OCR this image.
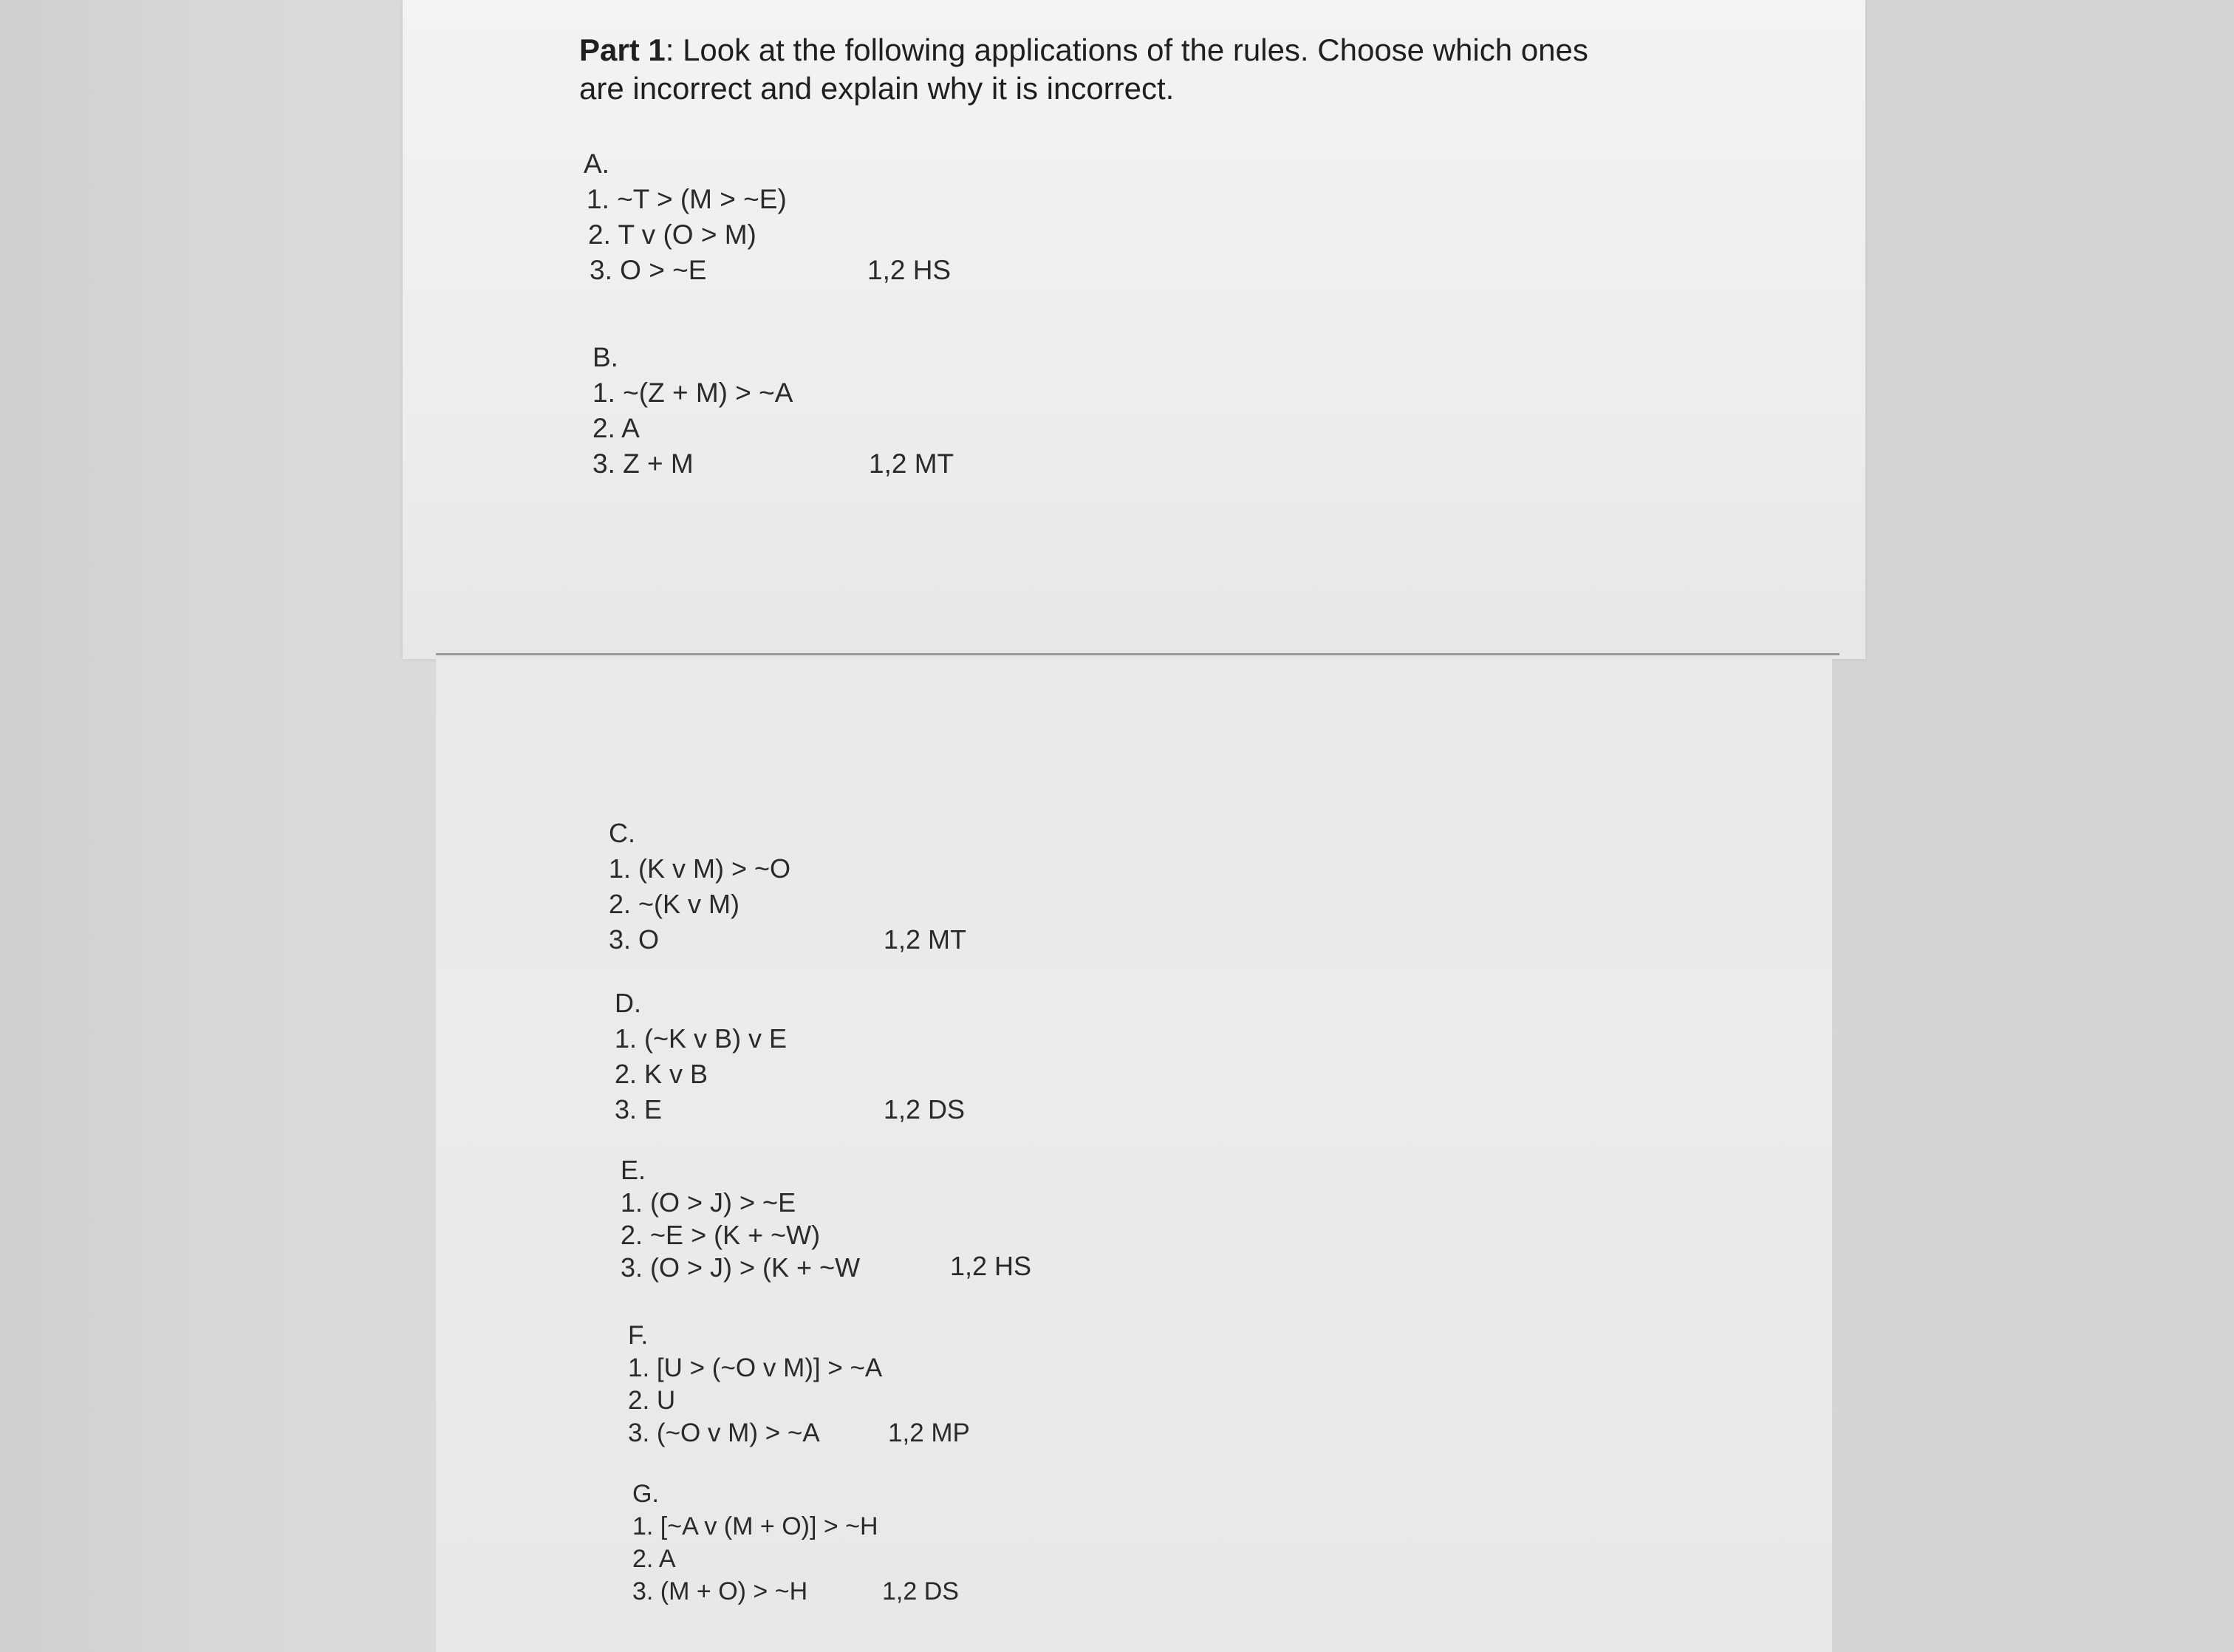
Part 1: Look at the following applications of the rules. Choose which ones
are incorrect and explain why it is incorrect.
A.
1. ~T > (M > ~E)
2. T v (O > M)
3. O > ~E	1,2 HS
B.
1. ~(Z + M) > ~A
2. A
3. Z + M	1,2 MT
C.
1. (K v M) > ~O
2. ~(K v M)
3. O	1,2 MT
D.
1. (~K v B) v E
2. K v B
3. E	1,2 DS
E.
1. (O > J) > ~E
2. ~E > (K + ~W)
3. (O > J) > (K + ~W	1,2 HS
F.
1. [U > (~O v M)] > ~A
2. U
3. (~O v M) > ~A	1,2 MP
G.
1. [~A v (M + O)] > ~H
2. A
3. (M + O) > ~H	1,2 DS
